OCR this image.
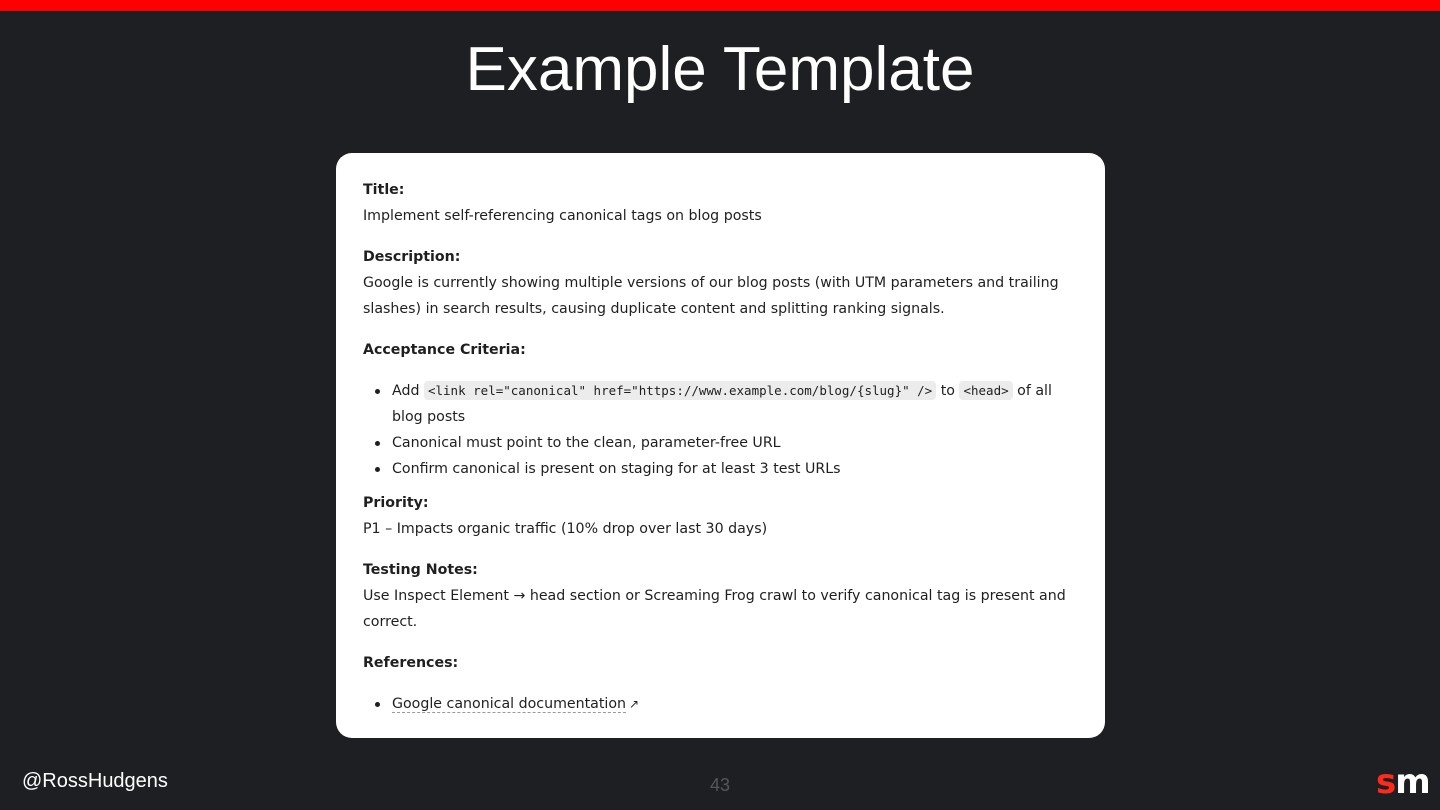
Example Template

Title:

Implement self-referencing canonical tags on blog posts

Description:

Google is currently showing multiple versions of our blog posts (with UTM parameters and trailing slashes) in search results, causing duplicate content and splitting ranking signals.

Acceptance Criteria:

Add <link rel="canonical" href="https://www.example.com/blog/{slug}" /> to <head> of all blog posts
Canonical must point to the clean, parameter-free URL
Confirm canonical is present on staging for at least 3 test URLs

Priority:

P1 – Impacts organic traffic (10% drop over last 30 days)

Testing Notes:

Use Inspect Element → head section or Screaming Frog crawl to verify canonical tag is present and correct.

References:

Google canonical documentation ↗
@RossHudgens	43	sm
